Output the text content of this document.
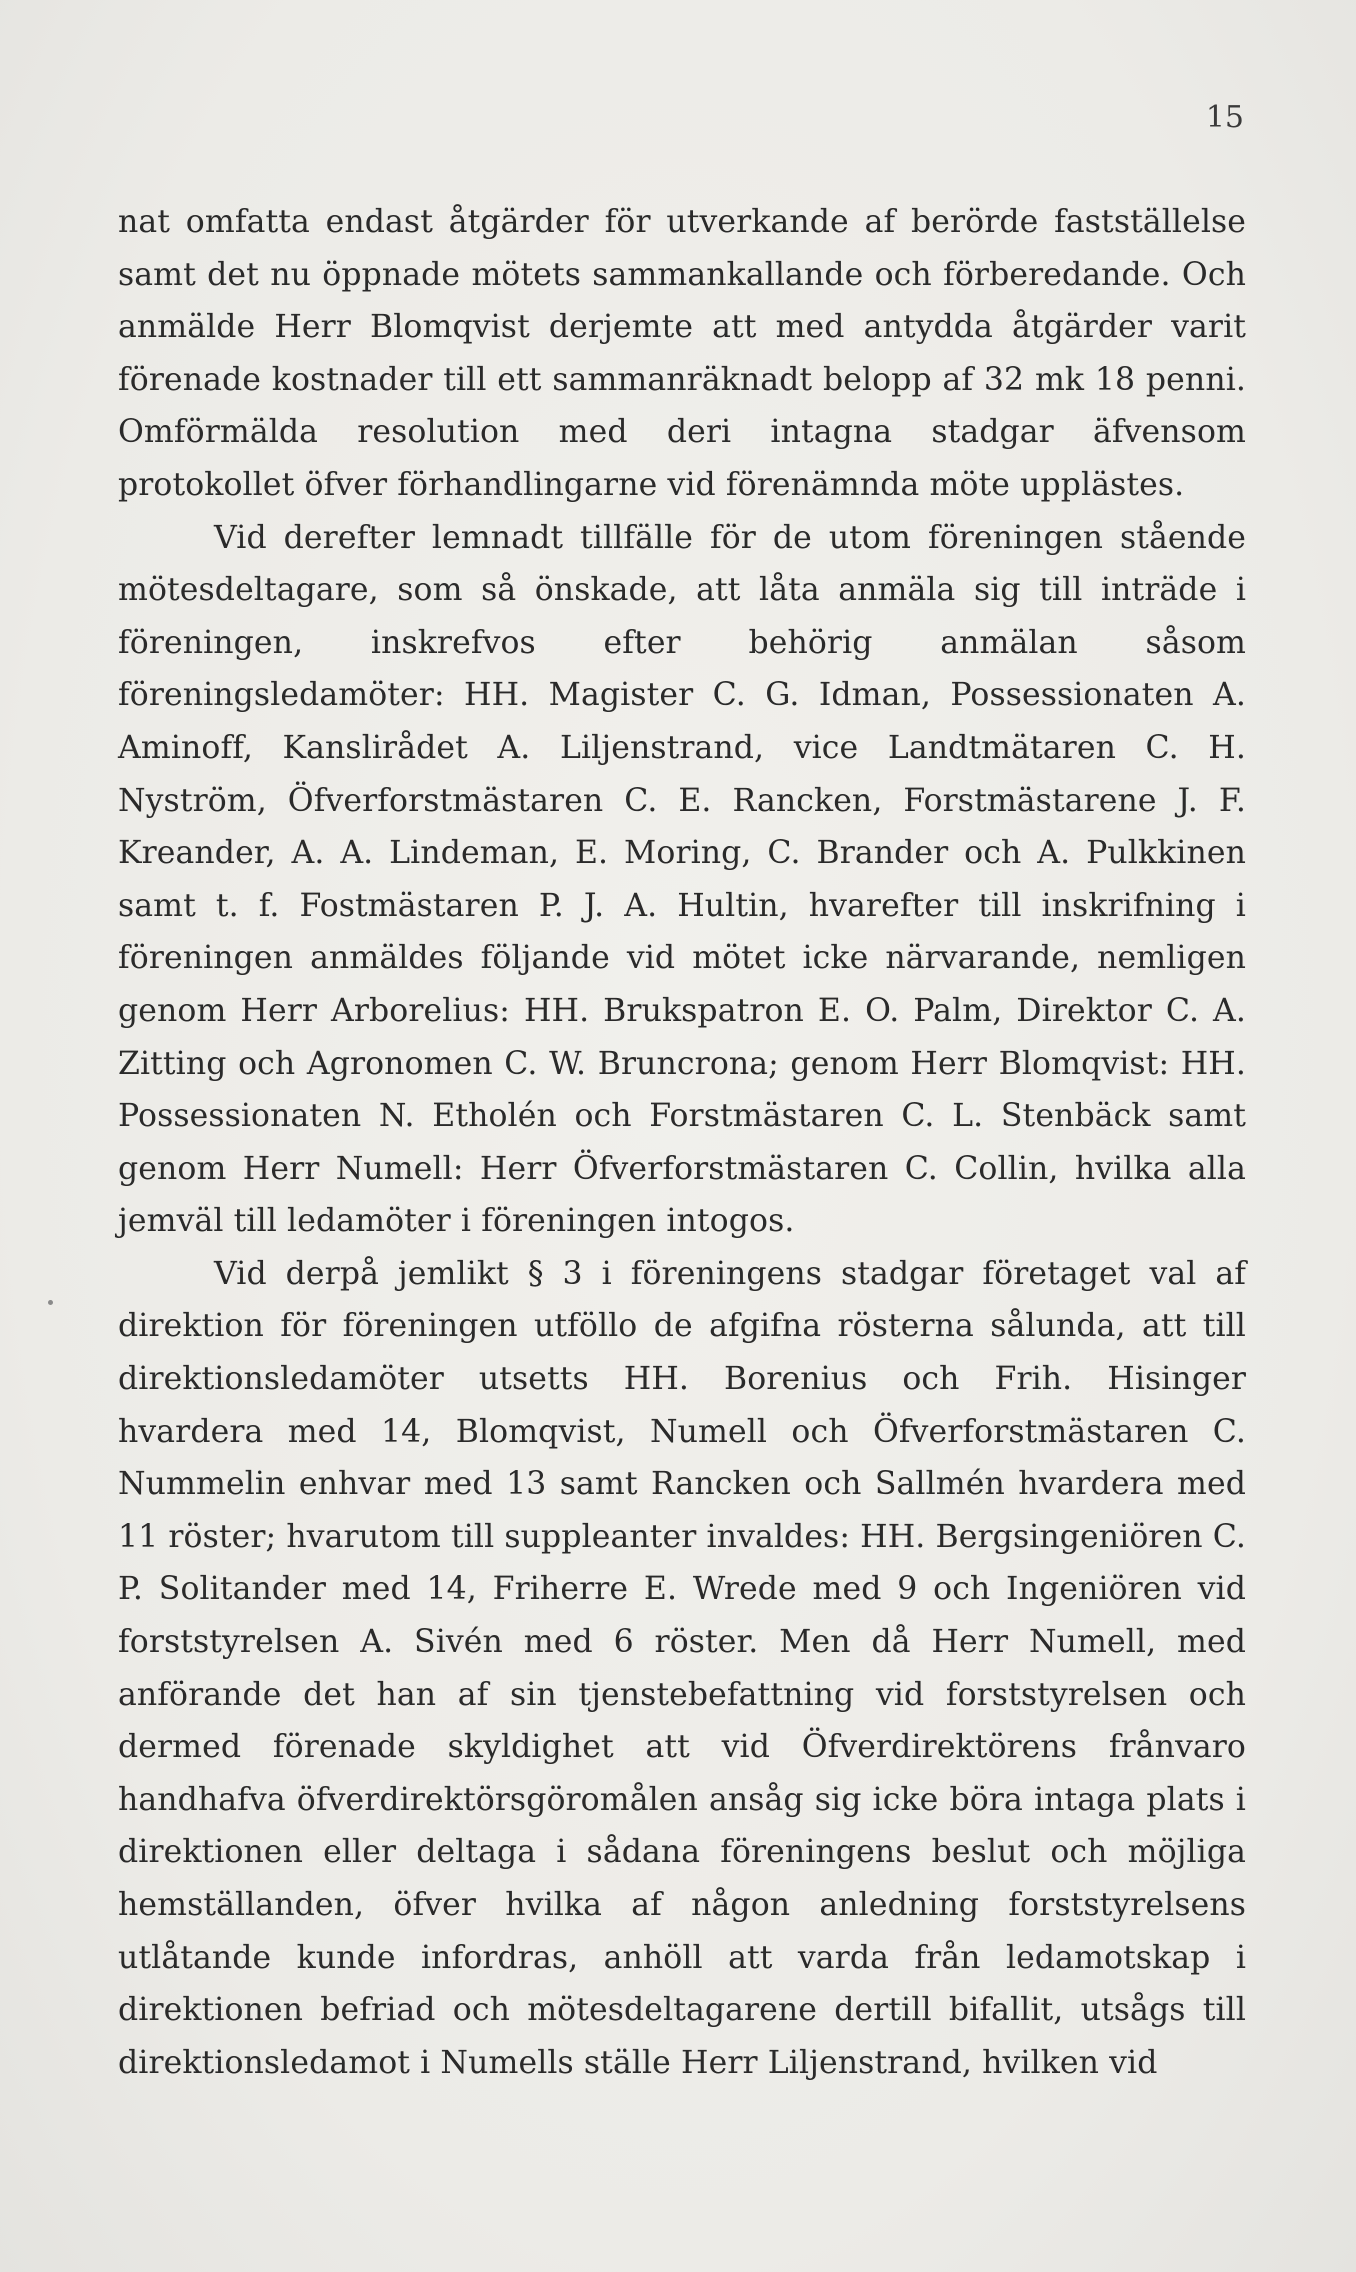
15

nat omfatta endast åtgärder för utverkande af berörde fastställelse samt det nu öppnade mötets sammankallande och förberedande. Och anmälde Herr Blomqvist derjemte att med antydda åtgärder varit förenade kostnader till ett sammanräknadt belopp af 32 mk 18 penni. Omförmälda resolution med deri intagna stadgar äfvensom protokollet öfver förhandlingarne vid förenämnda möte upplästes.

Vid derefter lemnadt tillfälle för de utom föreningen stående mötesdeltagare, som så önskade, att låta anmäla sig till inträde i föreningen, inskrefvos efter behörig anmälan såsom föreningsledamöter: HH. Magister C. G. Idman, Possessionaten A. Aminoff, Kanslirådet A. Liljenstrand, vice Landtmätaren C. H. Nyström, Öfverforstmästaren C. E. Rancken, Forstmästarene J. F. Kreander, A. A. Lindeman, E. Moring, C. Brander och A. Pulkkinen samt t. f. Fostmästaren P. J. A. Hultin, hvarefter till inskrifning i föreningen anmäldes följande vid mötet icke närvarande, nemligen genom Herr Arborelius: HH. Brukspatron E. O. Palm, Direktor C. A. Zitting och Agronomen C. W. Bruncrona; genom Herr Blomqvist: HH. Possessionaten N. Etholén och Forstmästaren C. L. Stenbäck samt genom Herr Numell: Herr Öfverforstmästaren C. Collin, hvilka alla jemväl till ledamöter i föreningen intogos.

Vid derpå jemlikt § 3 i föreningens stadgar företaget val af direktion för föreningen utföllo de afgifna rösterna sålunda, att till direktionsledamöter utsetts HH. Borenius och Frih. Hisinger hvardera med 14, Blomqvist, Numell och Öfverforstmästaren C. Nummelin enhvar med 13 samt Rancken och Sallmén hvardera med 11 röster; hvarutom till suppleanter invaldes: HH. Bergsingeniören C. P. Solitander med 14, Friherre E. Wrede med 9 och Ingeniören vid forststyrelsen A. Sivén med 6 röster. Men då Herr Numell, med anförande det han af sin tjenstebefattning vid forststyrelsen och dermed förenade skyldighet att vid Öfverdirektörens frånvaro handhafva öfverdirektörsgöromålen ansåg sig icke böra intaga plats i direktionen eller deltaga i sådana föreningens beslut och möjliga hemställanden, öfver hvilka af någon anledning forststyrelsens utlåtande kunde infordras, anhöll att varda från ledamotskap i direktionen befriad och mötesdeltagarene dertill bifallit, utsågs till direktionsledamot i Numells ställe Herr Liljenstrand, hvilken vid
